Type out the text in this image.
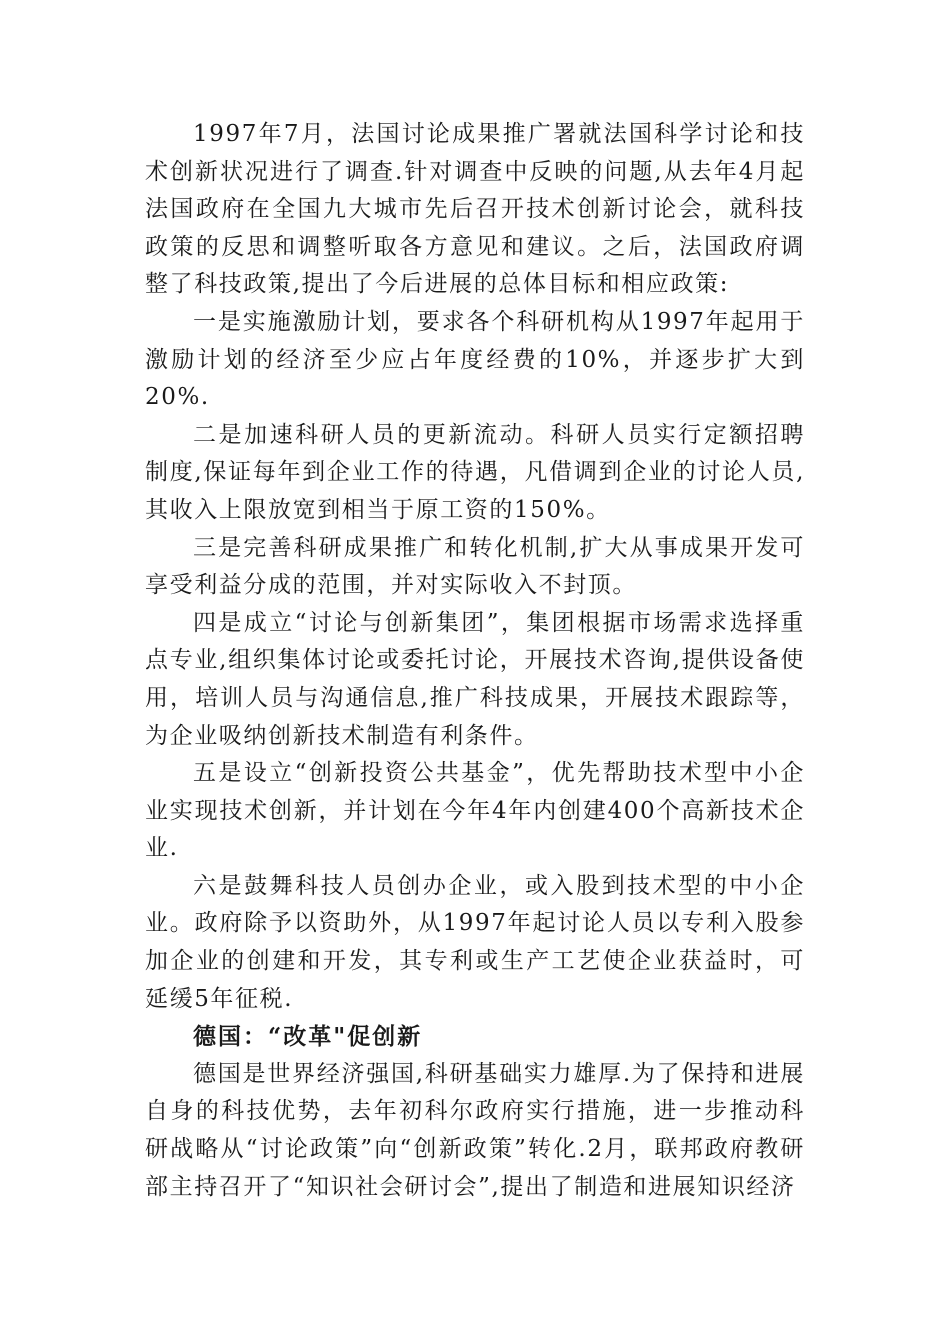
1997年7月，法国讨论成果推广署就法国科学讨论和技术创新状况进行了调查.针对调查中反映的问题,从去年4月起法国政府在全国九大城市先后召开技术创新讨论会，就科技政策的反思和调整听取各方意见和建议。之后，法国政府调整了科技政策,提出了今后进展的总体目标和相应政策:

一是实施激励计划，要求各个科研机构从1997年起用于激励计划的经济至少应占年度经费的10%，并逐步扩大到20%.

二是加速科研人员的更新流动。科研人员实行定额招聘制度,保证每年到企业工作的待遇，凡借调到企业的讨论人员,其收入上限放宽到相当于原工资的150%。

三是完善科研成果推广和转化机制,扩大从事成果开发可享受利益分成的范围，并对实际收入不封顶。

四是成立“讨论与创新集团”，集团根据市场需求选择重点专业,组织集体讨论或委托讨论，开展技术咨询,提供设备使用，培训人员与沟通信息,推广科技成果，开展技术跟踪等，为企业吸纳创新技术制造有利条件。

五是设立“创新投资公共基金”，优先帮助技术型中小企业实现技术创新，并计划在今年4年内创建400个高新技术企业.

六是鼓舞科技人员创办企业，或入股到技术型的中小企业。政府除予以资助外，从1997年起讨论人员以专利入股参加企业的创建和开发，其专利或生产工艺使企业获益时，可延缓5年征税.

德国：“改革"促创新

德国是世界经济强国,科研基础实力雄厚.为了保持和进展自身的科技优势，去年初科尔政府实行措施，进一步推动科研战略从“讨论政策”向“创新政策”转化.2月，联邦政府教研部主持召开了“知识社会研讨会”,提出了制造和进展知识经济
